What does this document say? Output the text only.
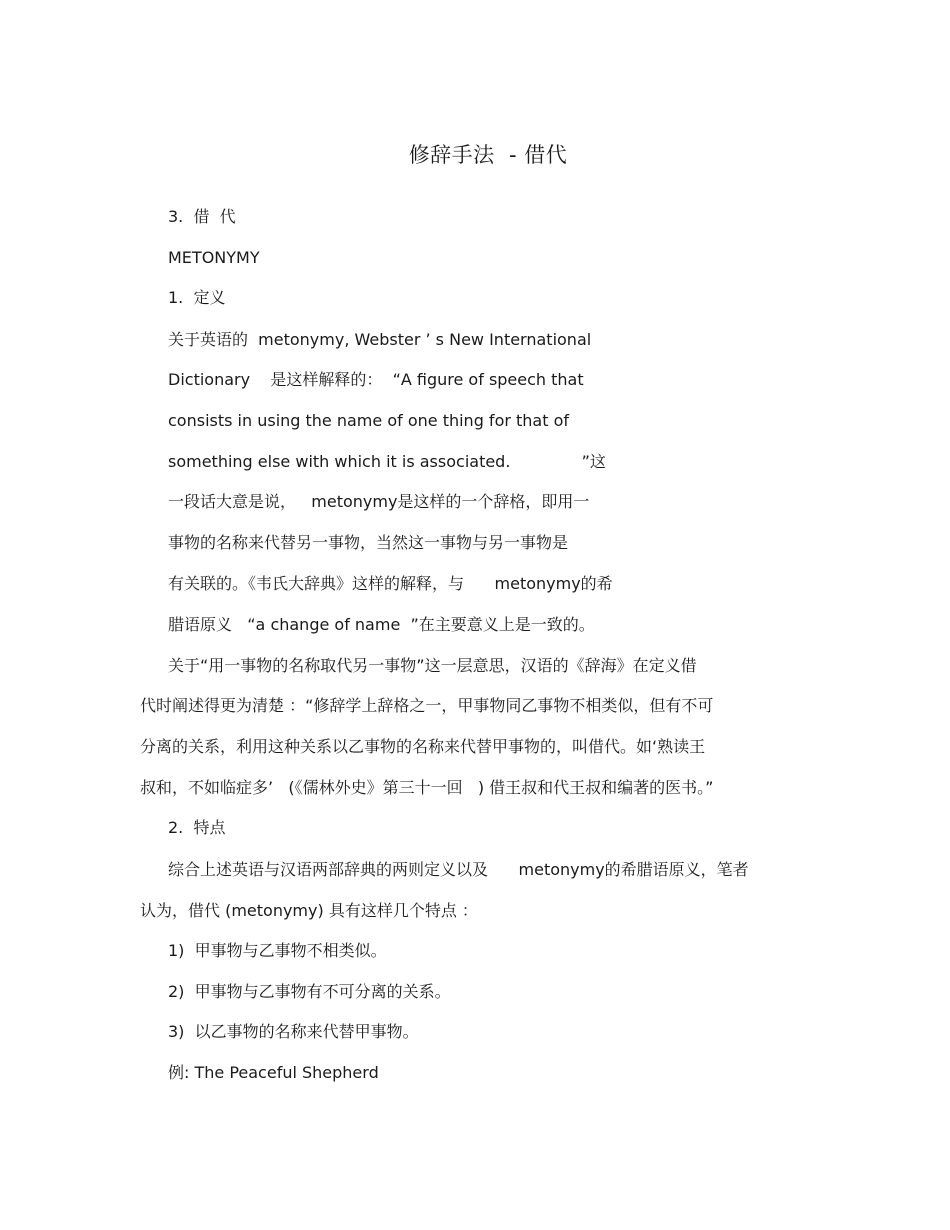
修辞手法  - 借代
3.  借  代
METONYMY
1.  定义
关于英语的  metonymy, Webster ’ s New International
Dictionary    是这样解释的：  “A figure of speech that
consists in using the name of one thing for that of
something else with which it is associated.              ”这
一段话大意是说，   metonymy是这样的一个辞格，即用一
事物的名称来代替另一事物，当然这一事物与另一事物是
有关联的。《韦氏大辞典》这样的解释，与      metonymy的希
腊语原义   “a change of name  ”在主要意义上是一致的。
关于“用一事物的名称取代另一事物”这一层意思，汉语的《辞海》在定义借
代时阐述得更为清楚 ：“修辞学上辞格之一，甲事物同乙事物不相类似，但有不可
分离的关系，利用这种关系以乙事物的名称来代替甲事物的，叫借代。如‘熟读王
叔和，不如临症多’   (《儒林外史》第三十一回   ) 借王叔和代王叔和编著的医书。”
2.  特点
综合上述英语与汉语两部辞典的两则定义以及      metonymy的希腊语原义，笔者
认为，借代 (metonymy) 具有这样几个特点 ：
1)  甲事物与乙事物不相类似。
2)  甲事物与乙事物有不可分离的关系。
3)  以乙事物的名称来代替甲事物。
例: The Peaceful Shepherd
